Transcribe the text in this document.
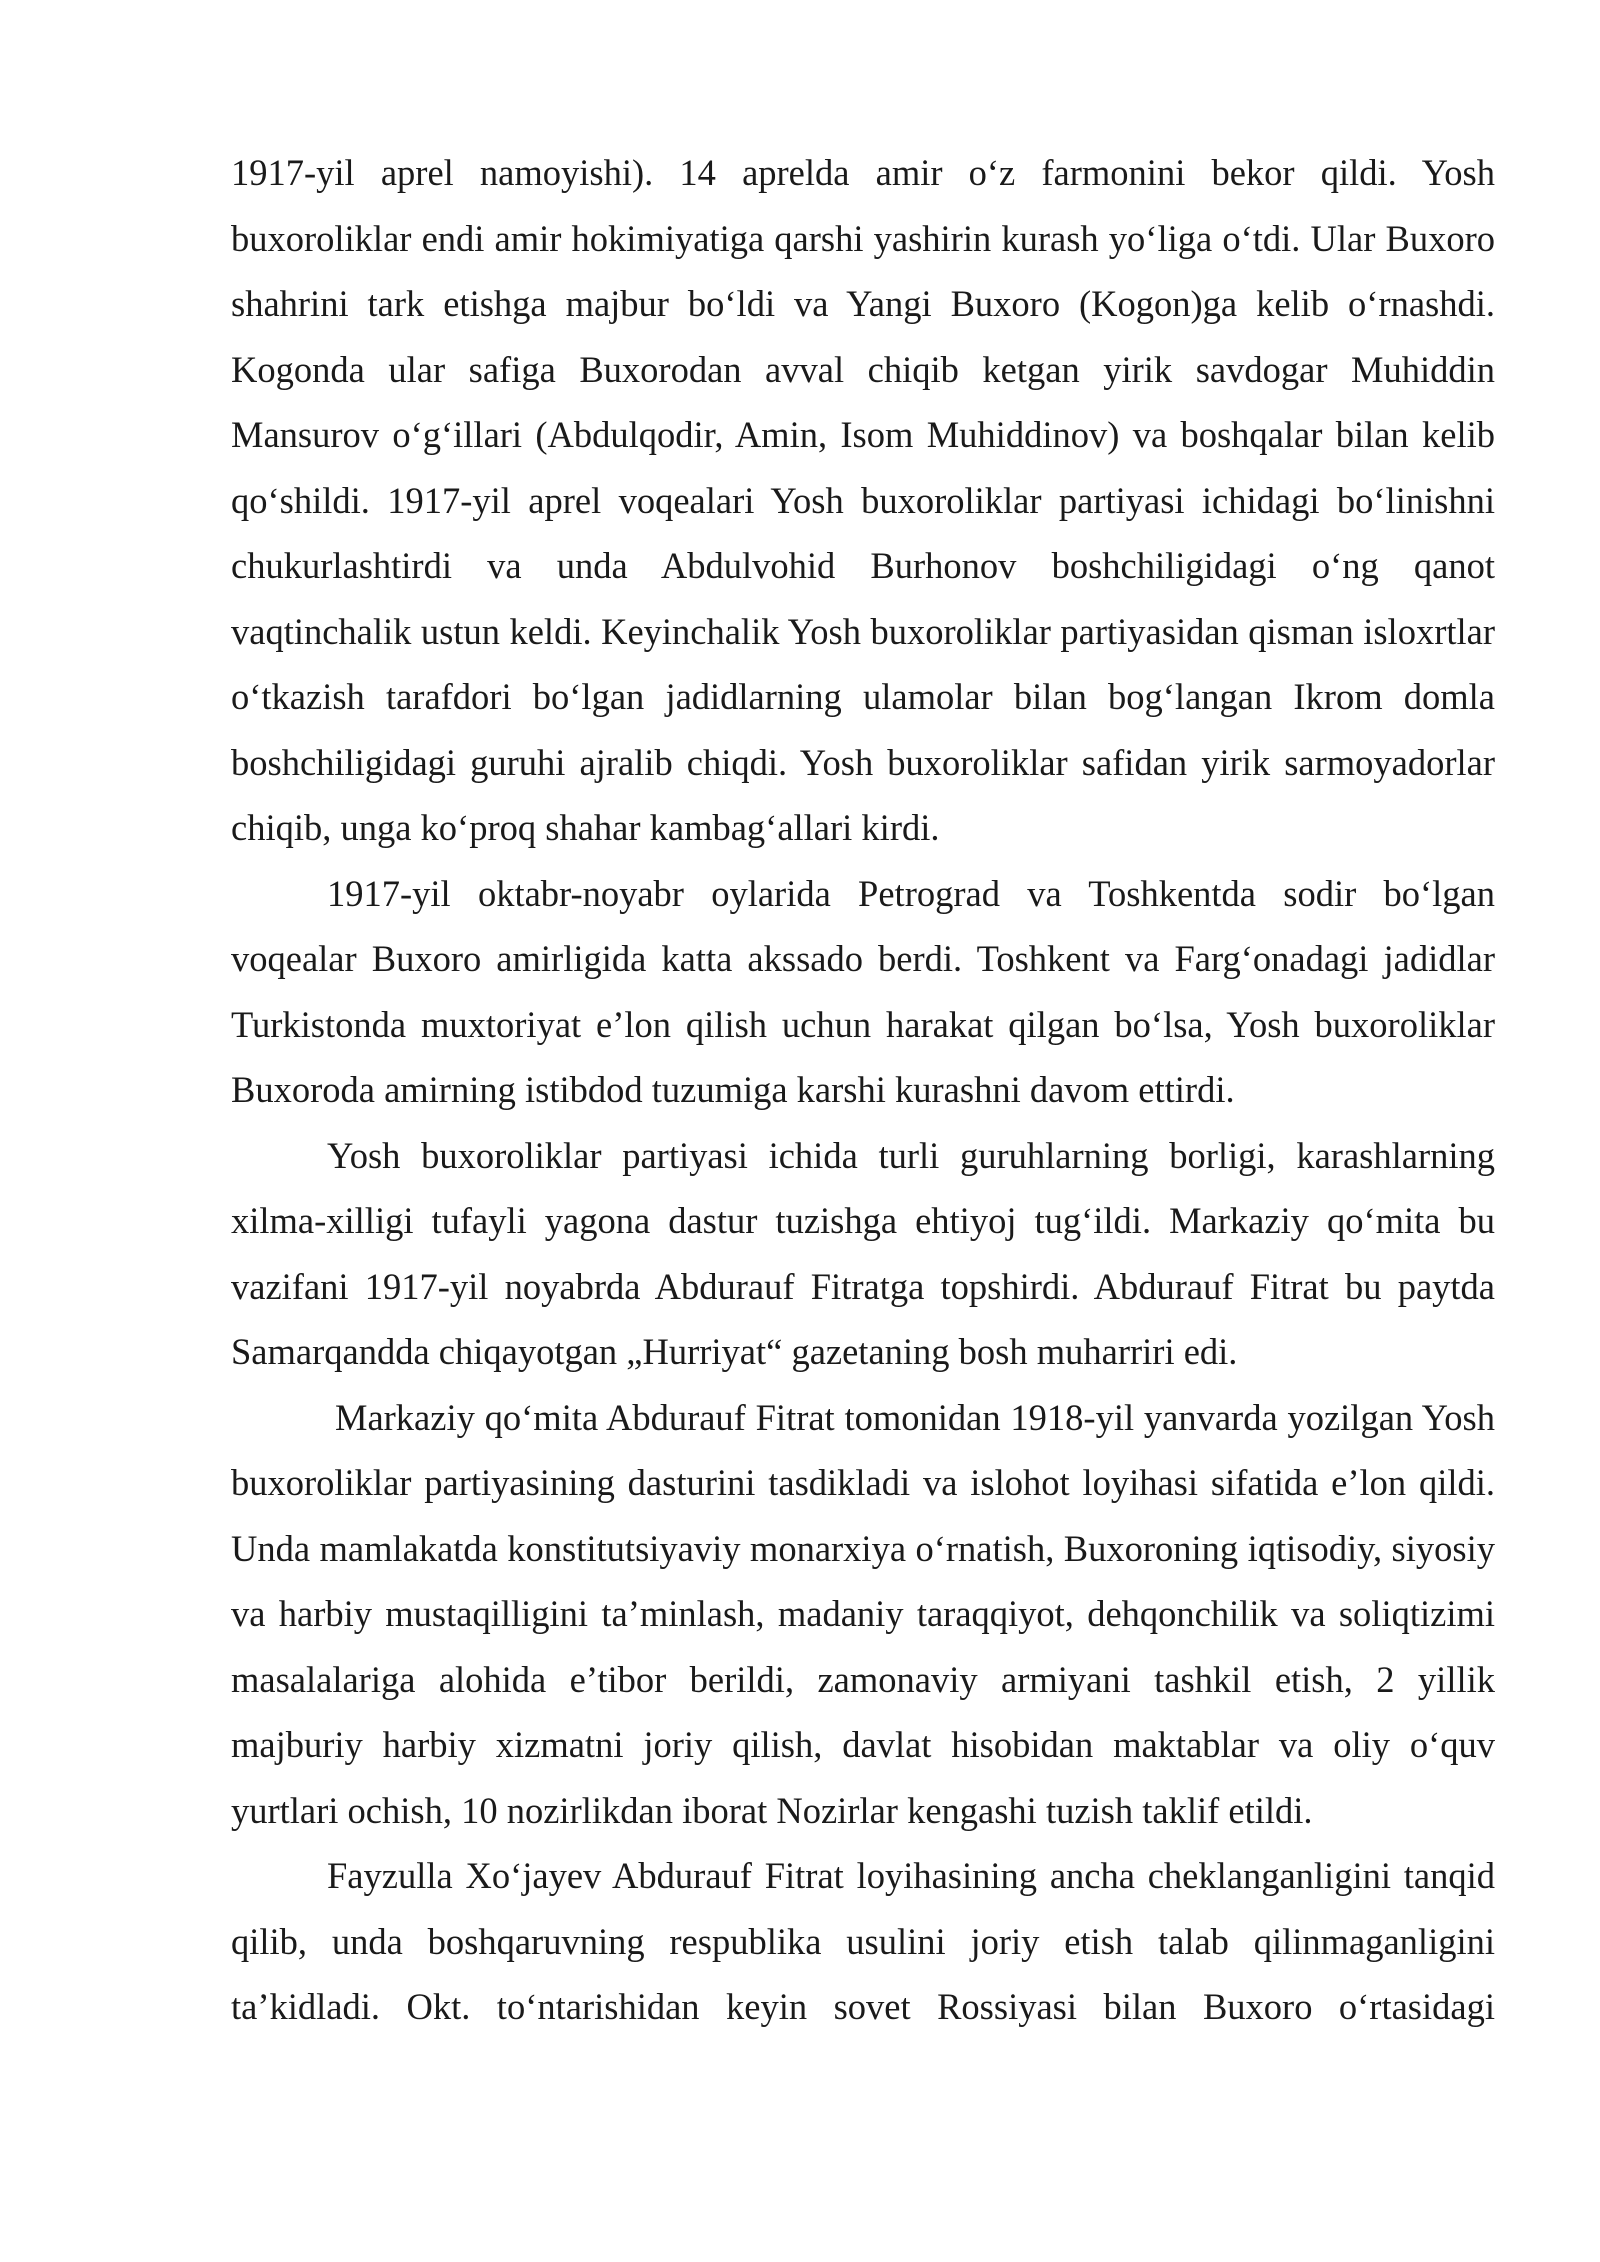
1917-yil aprel namoyishi). 14 aprelda amir o‘z farmonini bekor qildi. Yosh buxoroliklar endi amir hokimiyatiga qarshi yashirin kurash yo‘liga o‘tdi. Ular Buxoro shahrini tark etishga majbur bo‘ldi va Yangi Buxoro (Kogon)ga kelib o‘rnashdi. Kogonda ular safiga Buxorodan avval chiqib ketgan yirik savdogar Muhiddin Mansurov o‘g‘illari (Abdulqodir, Amin, Isom Muhiddinov) va boshqalar bilan kelib qo‘shildi. 1917-yil aprel voqealari Yosh buxoroliklar partiyasi ichidagi bo‘linishni chukurlashtirdi va unda Abdulvohid Burhonov boshchiligidagi o‘ng qanot vaqtinchalik ustun keldi. Keyinchalik Yosh buxoroliklar partiyasidan qisman isloxrtlar o‘tkazish tarafdori bo‘lgan jadidlarning ulamolar bilan bog‘langan Ikrom domla boshchiligidagi guruhi ajralib chiqdi. Yosh buxoroliklar safidan yirik sarmoyadorlar chiqib, unga ko‘proq shahar kambag‘allari kirdi.

1917-yil oktabr-noyabr oylarida Petrograd va Toshkentda sodir bo‘lgan voqealar Buxoro amirligida katta akssado berdi. Toshkent va Farg‘onadagi jadidlar Turkistonda muxtoriyat e’lon qilish uchun harakat qilgan bo‘lsa, Yosh buxoroliklar Buxoroda amirning istibdod tuzumiga karshi kurashni davom ettirdi.

Yosh buxoroliklar partiyasi ichida turli guruhlarning borligi, karashlarning xilma-xilligi tufayli yagona dastur tuzishga ehtiyoj tug‘ildi. Markaziy qo‘mita bu vazifani 1917-yil noyabrda Abdurauf Fitratga topshirdi. Abdurauf Fitrat bu paytda Samarqandda chiqayotgan „Hurriyat“ gazetaning bosh muharriri edi.

Markaziy qo‘mita Abdurauf Fitrat tomonidan 1918-yil yanvarda yozilgan Yosh buxoroliklar partiyasining dasturini tasdikladi va islohot loyihasi sifatida e’lon qildi. Unda mamlakatda konstitutsiyaviy monarxiya o‘rnatish, Buxoroning iqtisodiy, siyosiy va harbiy mustaqilligini ta’minlash, madaniy taraqqiyot, dehqonchilik va soliqtizimi masalalariga alohida e’tibor berildi, zamonaviy armiyani tashkil etish, 2 yillik majburiy harbiy xizmatni joriy qilish, davlat hisobidan maktablar va oliy o‘quv yurtlari ochish, 10 nozirlikdan iborat Nozirlar kengashi tuzish taklif etildi.

Fayzulla Xo‘jayev Abdurauf Fitrat loyihasining ancha cheklanganligini tanqid qilib, unda boshqaruvning respublika usulini joriy etish talab qilinmaganligini ta’kidladi. Okt. to‘ntarishidan keyin sovet Rossiyasi bilan Buxoro o‘rtasidagi
